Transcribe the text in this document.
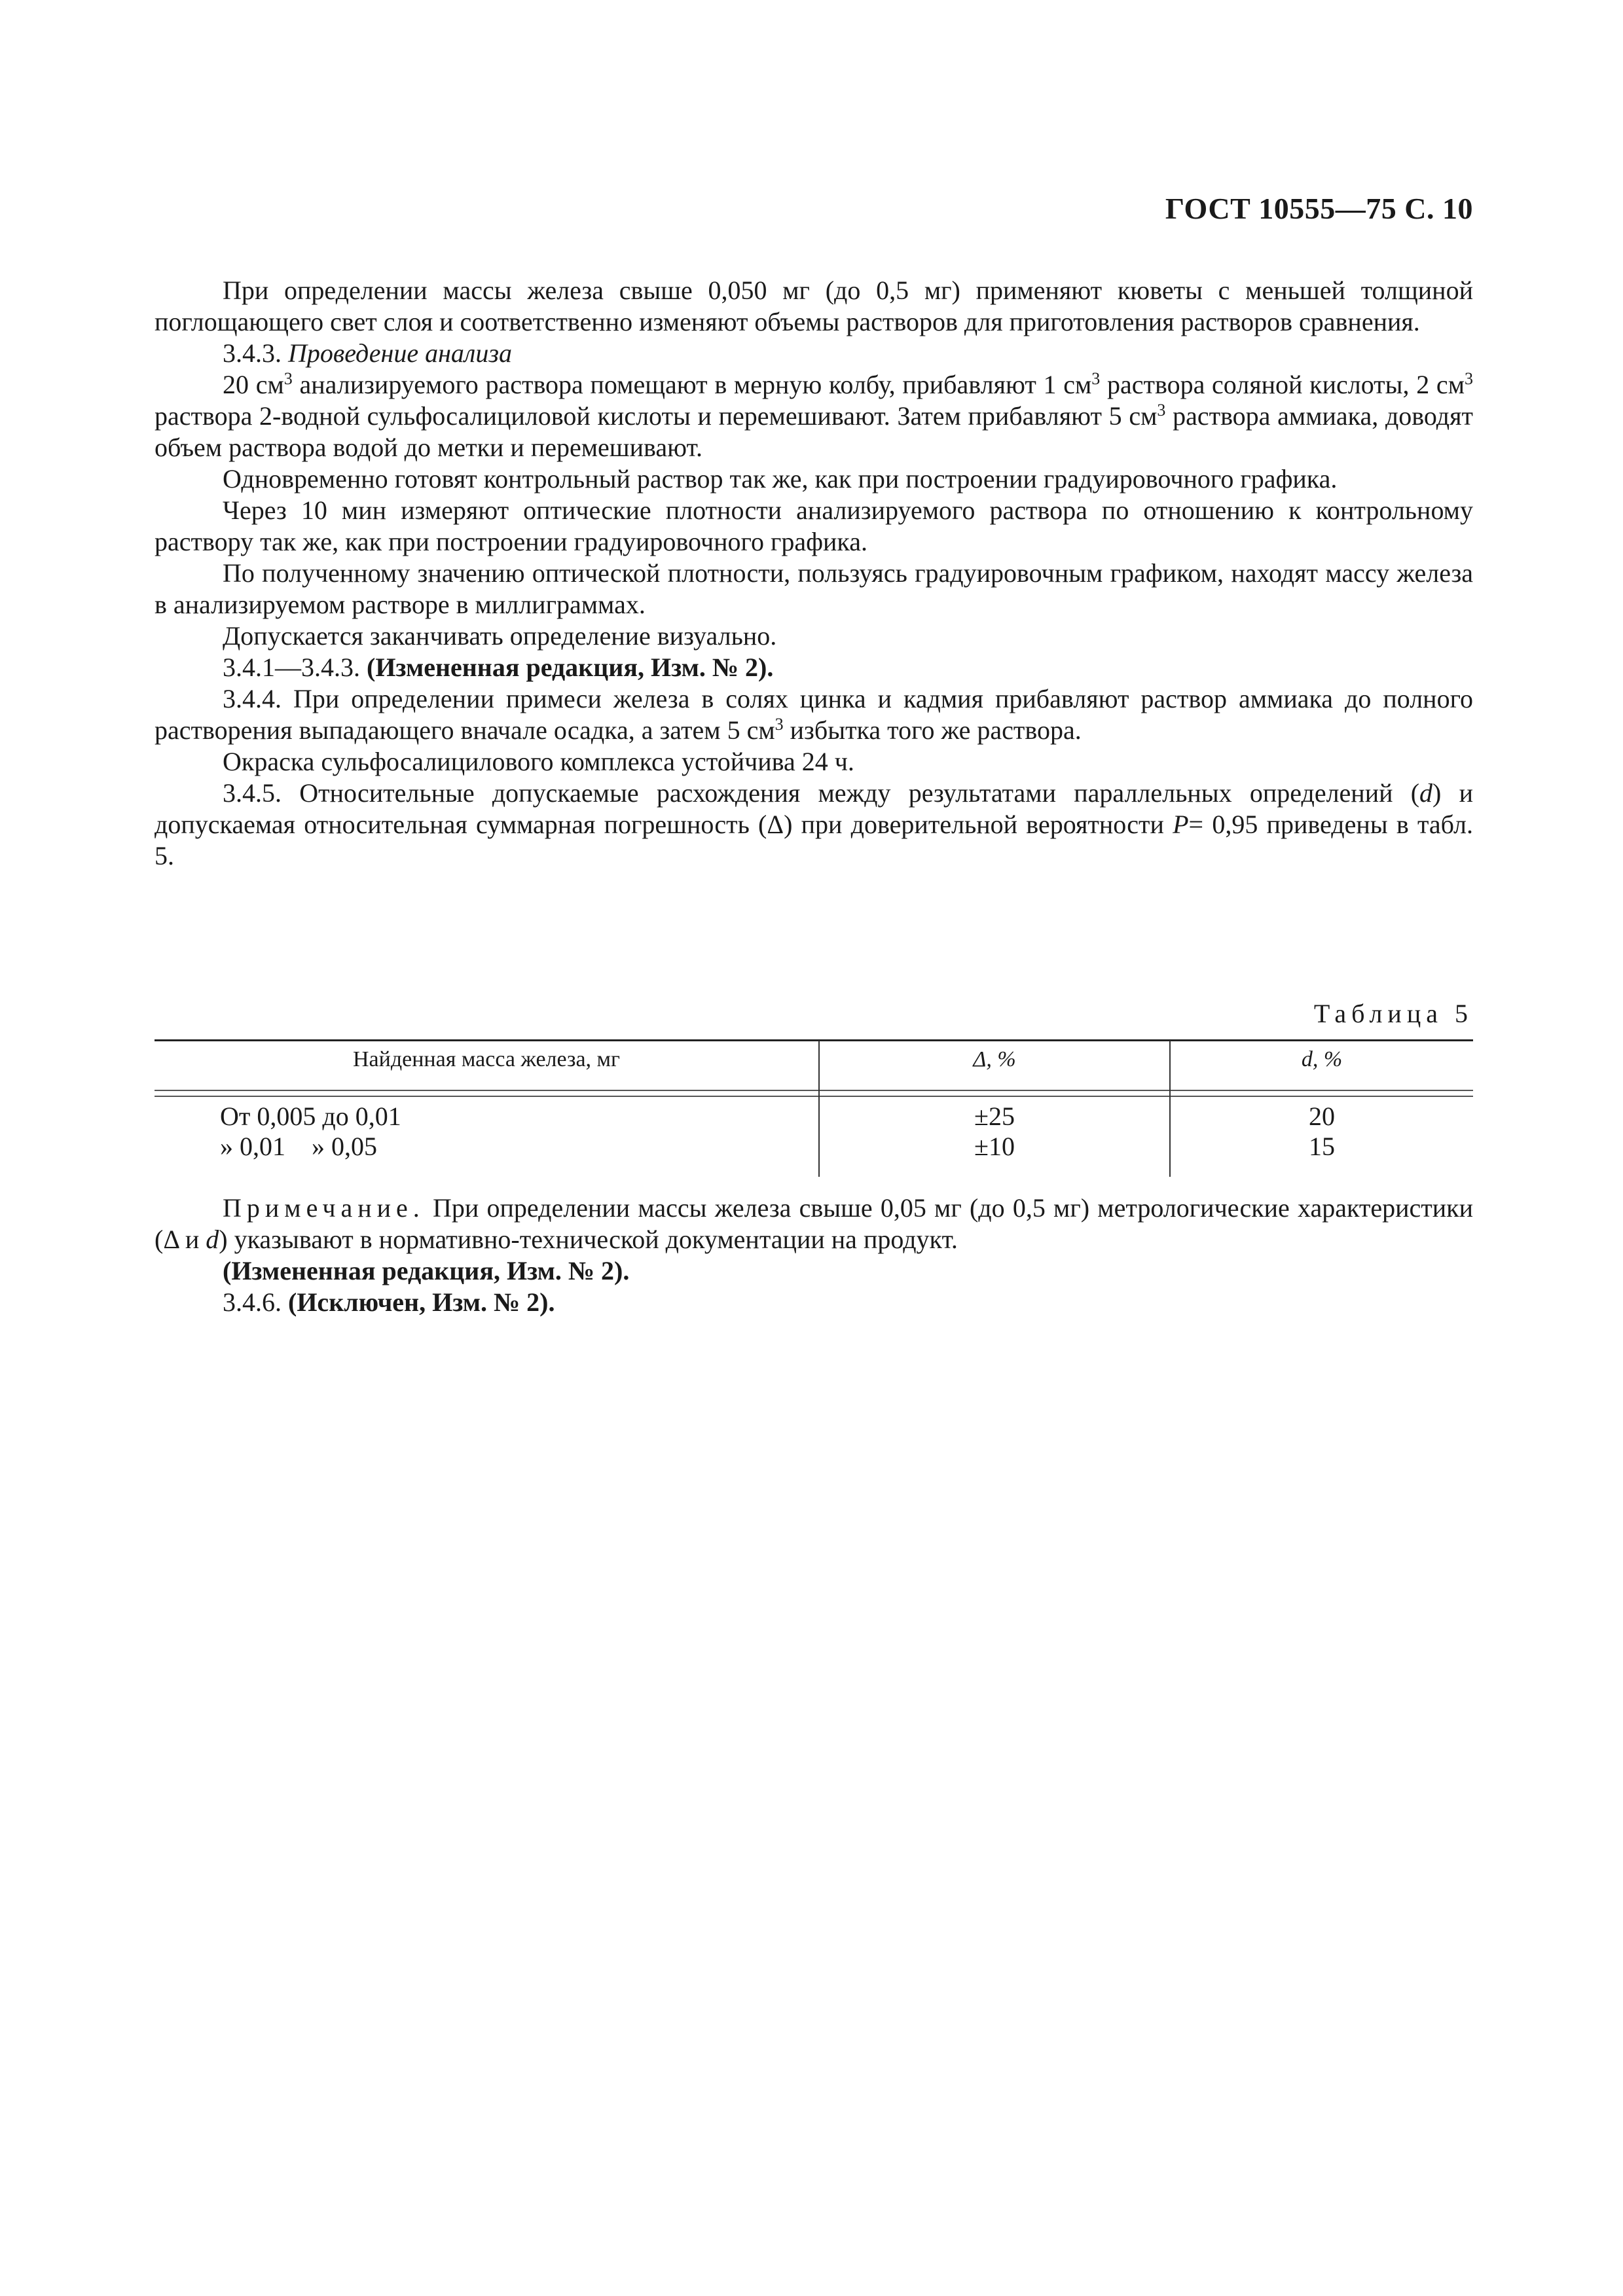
ГОСТ 10555—75 С. 10

При определении массы железа свыше 0,050 мг (до 0,5 мг) применяют кюветы с меньшей толщиной поглощающего свет слоя и соответственно изменяют объемы растворов для приготовления растворов сравнения.

3.4.3. Проведение анализа

20 $см^3$ анализируемого раствора помещают в мерную колбу, прибавляют 1 $см^3$ раствора соляной кислоты, 2 $см^3$ раствора 2-водной сульфосалициловой кислоты и перемешивают. Затем прибавляют 5 $см^3$ раствора аммиака, доводят объем раствора водой до метки и перемешивают.

Одновременно готовят контрольный раствор так же, как при построении градуировочного графика.

Через 10 мин измеряют оптические плотности анализируемого раствора по отношению к контрольному раствору так же, как при построении градуировочного графика.

По полученному значению оптической плотности, пользуясь градуировочным графиком, находят массу железа в анализируемом растворе в миллиграммах.

Допускается заканчивать определение визуально.

3.4.1—3.4.3. (Измененная редакция, Изм. № 2).

3.4.4. При определении примеси железа в солях цинка и кадмия прибавляют раствор аммиака до полного растворения выпадающего вначале осадка, а затем 5 $см^3$ избытка того же раствора.

Окраска сульфосалицилового комплекса устойчива 24 ч.

3.4.5. Относительные допускаемые расхождения между результатами параллельных определений (d) и допускаемая относительная суммарная погрешность (Δ) при доверительной вероятности P= 0,95 приведены в табл. 5.

Таблица 5
Найденная масса железа, мг	Δ, %	d, %
От 0,005 до 0,01	±25	20
» 0,01    » 0,05	±10	15

Примечание. При определении массы железа свыше 0,05 мг (до 0,5 мг) метрологические характеристики (Δ и d) указывают в нормативно-технической документации на продукт.

(Измененная редакция, Изм. № 2).

3.4.6. (Исключен, Изм. № 2).
